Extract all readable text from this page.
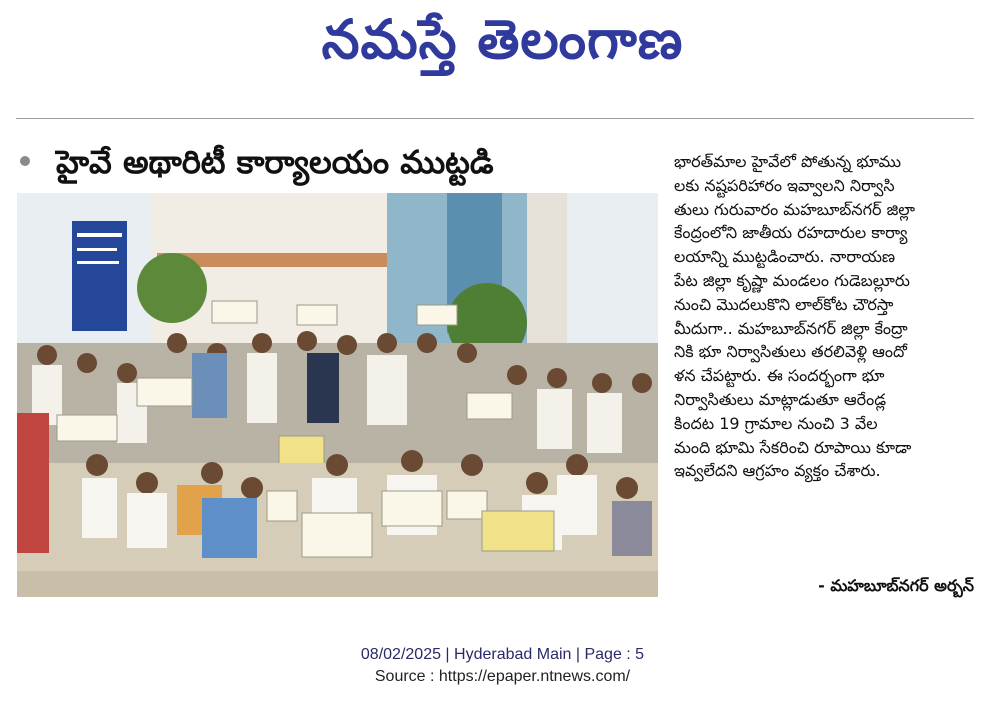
నమస్తే తెలంగాణ
హైవే అథారిటీ కార్యాలయం ముట్టడి	భారత్‌మాల హైవేలో పోతున్న భూము
లకు నష్టపరిహారం ఇవ్వాలని నిర్వాసి
తులు గురువారం మహబూబ్‌నగర్ జిల్లా
కేంద్రంలోని జాతీయ రహదారుల కార్యా
లయాన్ని ముట్టడించారు. నారాయణ
పేట జిల్లా కృష్ణా మండలం గుడెబల్లూరు
నుంచి మొదలుకొని లాల్‌కోట చౌరస్తా
మీదుగా.. మహబూబ్‌నగర్ జిల్లా కేంద్రా
నికి భూ నిర్వాసితులు తరలివెళ్లి ఆందో
ళన చేపట్టారు. ఈ సందర్భంగా భూ
నిర్వాసితులు మాట్లాడుతూ ఆరేండ్ల
కిందట 19 గ్రామాల నుంచి 3 వేల
మంది భూమి సేకరించి రూపాయి కూడా
ఇవ్వలేదని ఆగ్రహం వ్యక్తం చేశారు.
- మహబూబ్‌నగర్ అర్బన్
08/02/2025 | Hyderabad Main | Page : 5
Source : https://epaper.ntnews.com/
